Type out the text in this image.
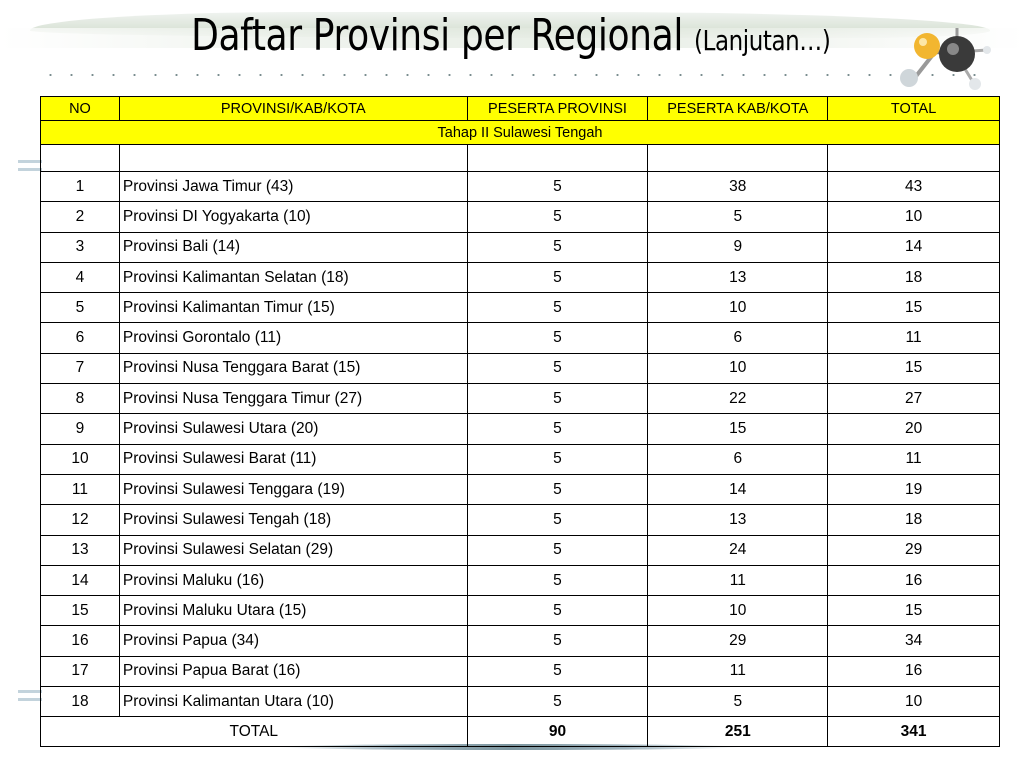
Daftar Provinsi per Regional (Lanjutan…)
NO	PROVINSI/KAB/KOTA	PESERTA PROVINSI	PESERTA KAB/KOTA	TOTAL
Tahap II Sulawesi Tengah				

1	Provinsi Jawa Timur (43)	5	38	43
2	Provinsi DI Yogyakarta (10)	5	5	10
3	Provinsi Bali (14)	5	9	14
4	Provinsi Kalimantan Selatan (18)	5	13	18
5	Provinsi Kalimantan Timur (15)	5	10	15
6	Provinsi Gorontalo (11)	5	6	11
7	Provinsi Nusa Tenggara Barat (15)	5	10	15
8	Provinsi Nusa Tenggara Timur (27)	5	22	27
9	Provinsi Sulawesi Utara (20)	5	15	20
10	Provinsi Sulawesi Barat (11)	5	6	11
11	Provinsi Sulawesi Tenggara (19)	5	14	19
12	Provinsi Sulawesi Tengah (18)	5	13	18
13	Provinsi Sulawesi Selatan (29)	5	24	29
14	Provinsi Maluku (16)	5	11	16
15	Provinsi Maluku Utara (15)	5	10	15
16	Provinsi Papua (34)	5	29	34
17	Provinsi Papua Barat (16)	5	11	16
18	Provinsi Kalimantan Utara (10)	5	5	10
TOTAL		90	251	341
